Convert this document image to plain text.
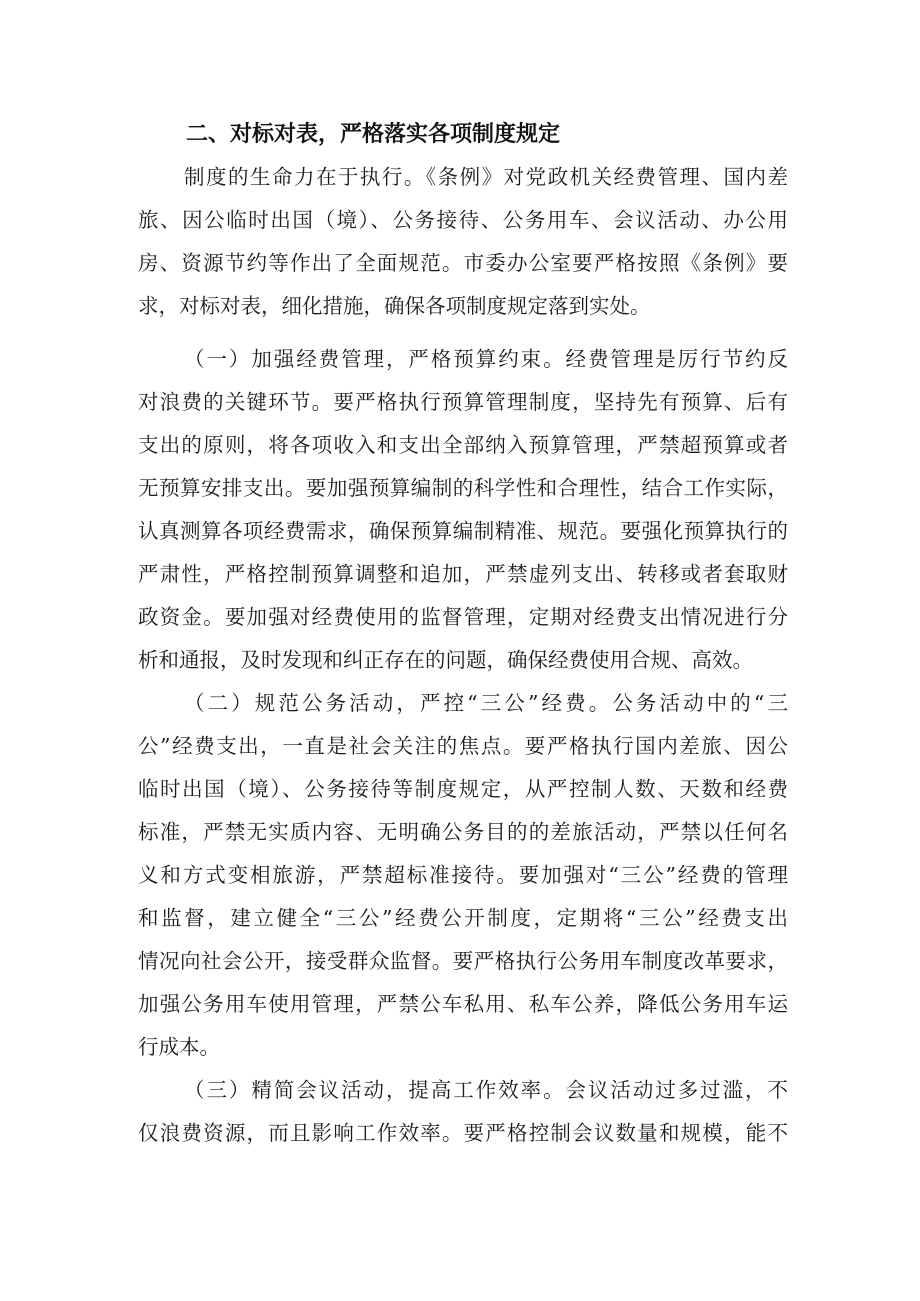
二、对标对表，严格落实各项制度规定
制度的生命力在于执行。《条例》对党政机关经费管理、国内差
旅、因公临时出国（境）、公务接待、公务用车、会议活动、办公用
房、资源节约等作出了全面规范。市委办公室要严格按照《条例》要
求，对标对表，细化措施，确保各项制度规定落到实处。
（一）加强经费管理，严格预算约束。经费管理是厉行节约反
对浪费的关键环节。要严格执行预算管理制度，坚持先有预算、后有
支出的原则，将各项收入和支出全部纳入预算管理，严禁超预算或者
无预算安排支出。要加强预算编制的科学性和合理性，结合工作实际，
认真测算各项经费需求，确保预算编制精准、规范。要强化预算执行的
严肃性，严格控制预算调整和追加，严禁虚列支出、转移或者套取财
政资金。要加强对经费使用的监督管理，定期对经费支出情况进行分
析和通报，及时发现和纠正存在的问题，确保经费使用合规、高效。
（二）规范公务活动，严控“三公”经费。公务活动中的“三
公”经费支出，一直是社会关注的焦点。要严格执行国内差旅、因公
临时出国（境）、公务接待等制度规定，从严控制人数、天数和经费
标准，严禁无实质内容、无明确公务目的的差旅活动，严禁以任何名
义和方式变相旅游，严禁超标准接待。要加强对“三公”经费的管理
和监督，建立健全“三公”经费公开制度，定期将“三公”经费支出
情况向社会公开，接受群众监督。要严格执行公务用车制度改革要求，
加强公务用车使用管理，严禁公车私用、私车公养，降低公务用车运
行成本。
（三）精简会议活动，提高工作效率。会议活动过多过滥，不
仅浪费资源，而且影响工作效率。要严格控制会议数量和规模，能不
